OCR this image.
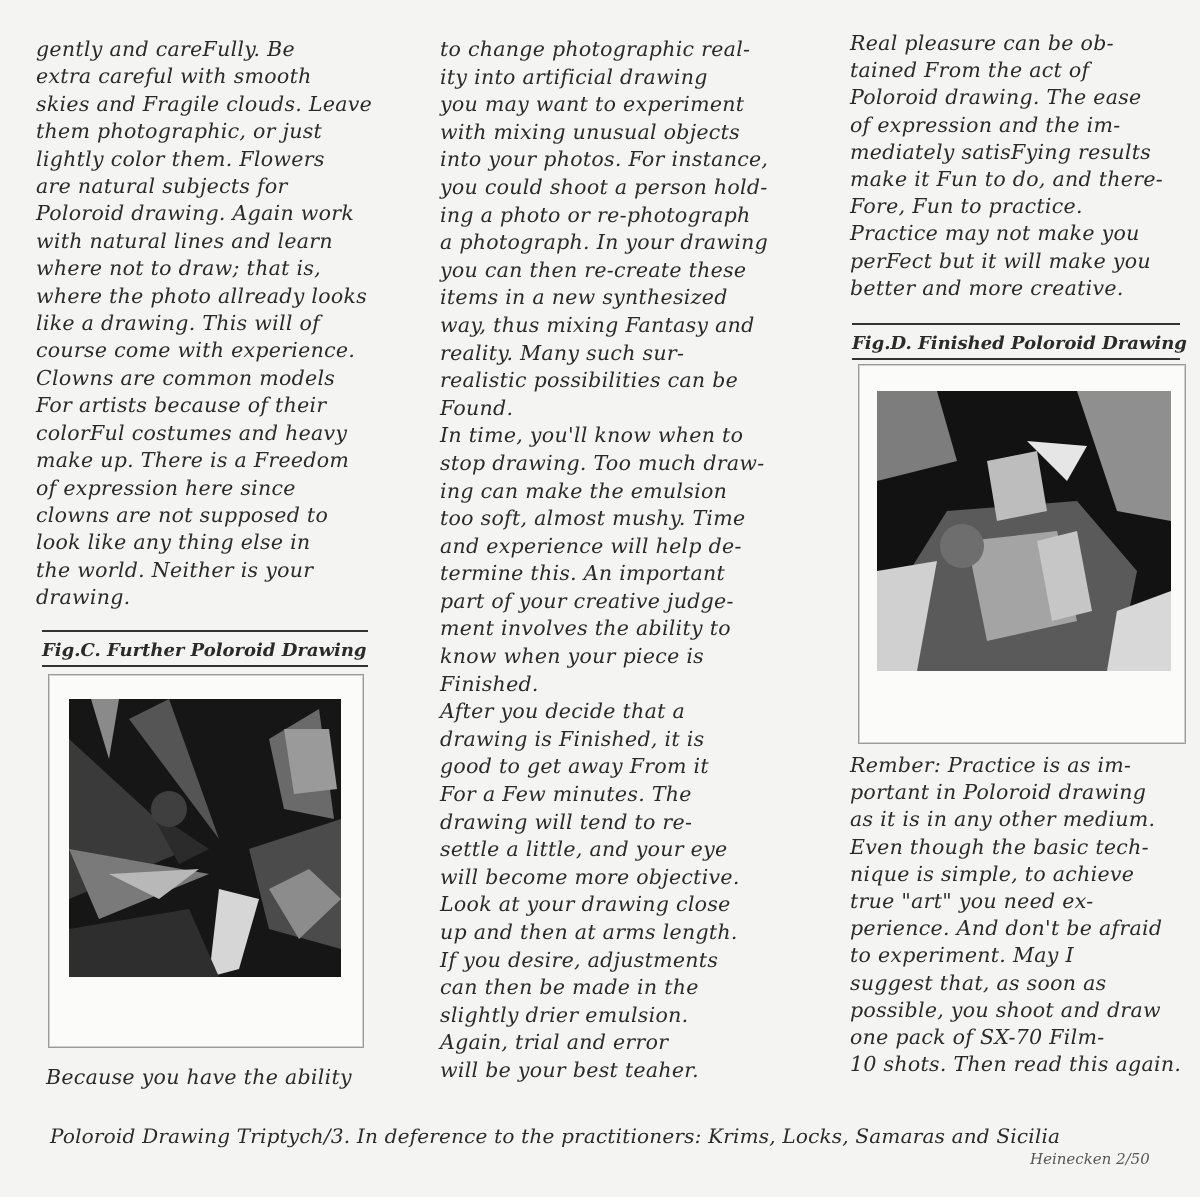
gently and careFully. Be
extra careful with smooth
skies and Fragile clouds. Leave
them photographic, or just
lightly color them. Flowers
are natural subjects for
Poloroid drawing. Again work
with natural lines and learn
where not to draw; that is,
where the photo allready looks
like a drawing. This will of
course come with experience.
Clowns are common models
For artists because of their
colorFul costumes and heavy
make up. There is a Freedom
of expression here since
clowns are not supposed to
look like any thing else in
the world. Neither is your
drawing.
Fig.C. Further Poloroid Drawing
Because you have the ability
to change photographic real-
ity into artificial drawing
you may want to experiment
with mixing unusual objects
into your photos. For instance,
you could shoot a person hold-
ing a photo or re-photograph
a photograph. In your drawing
you can then re-create these
items in a new synthesized
way, thus mixing Fantasy and
reality. Many such sur-
realistic possibilities can be
Found.
In time, you'll know when to
stop drawing. Too much draw-
ing can make the emulsion
too soft, almost mushy. Time
and experience will help de-
termine this. An important
part of your creative judge-
ment involves the ability to
know when your piece is
Finished.
After you decide that a
drawing is Finished, it is
good to get away From it
For a Few minutes. The
drawing will tend to re-
settle a little, and your eye
will become more objective.
Look at your drawing close
up and then at arms length.
If you desire, adjustments
can then be made in the
slightly drier emulsion.
Again, trial and error
will be your best teaher.
Real pleasure can be ob-
tained From the act of
Poloroid drawing. The ease
of expression and the im-
mediately satisFying results
make it Fun to do, and there-
Fore, Fun to practice.
Practice may not make you
perFect but it will make you
better and more creative.
Fig.D. Finished Poloroid Drawing
Rember: Practice is as im-
portant in Poloroid drawing
as it is in any other medium.
Even though the basic tech-
nique is simple, to achieve
true "art" you need ex-
perience. And don't be afraid
to experiment. May I
suggest that, as soon as
possible, you shoot and draw
one pack of SX-70 Film-
10 shots. Then read this again.
Poloroid Drawing Triptych/3. In deference to the practitioners: Krims, Locks, Samaras and Sicilia
Heinecken 2/50
